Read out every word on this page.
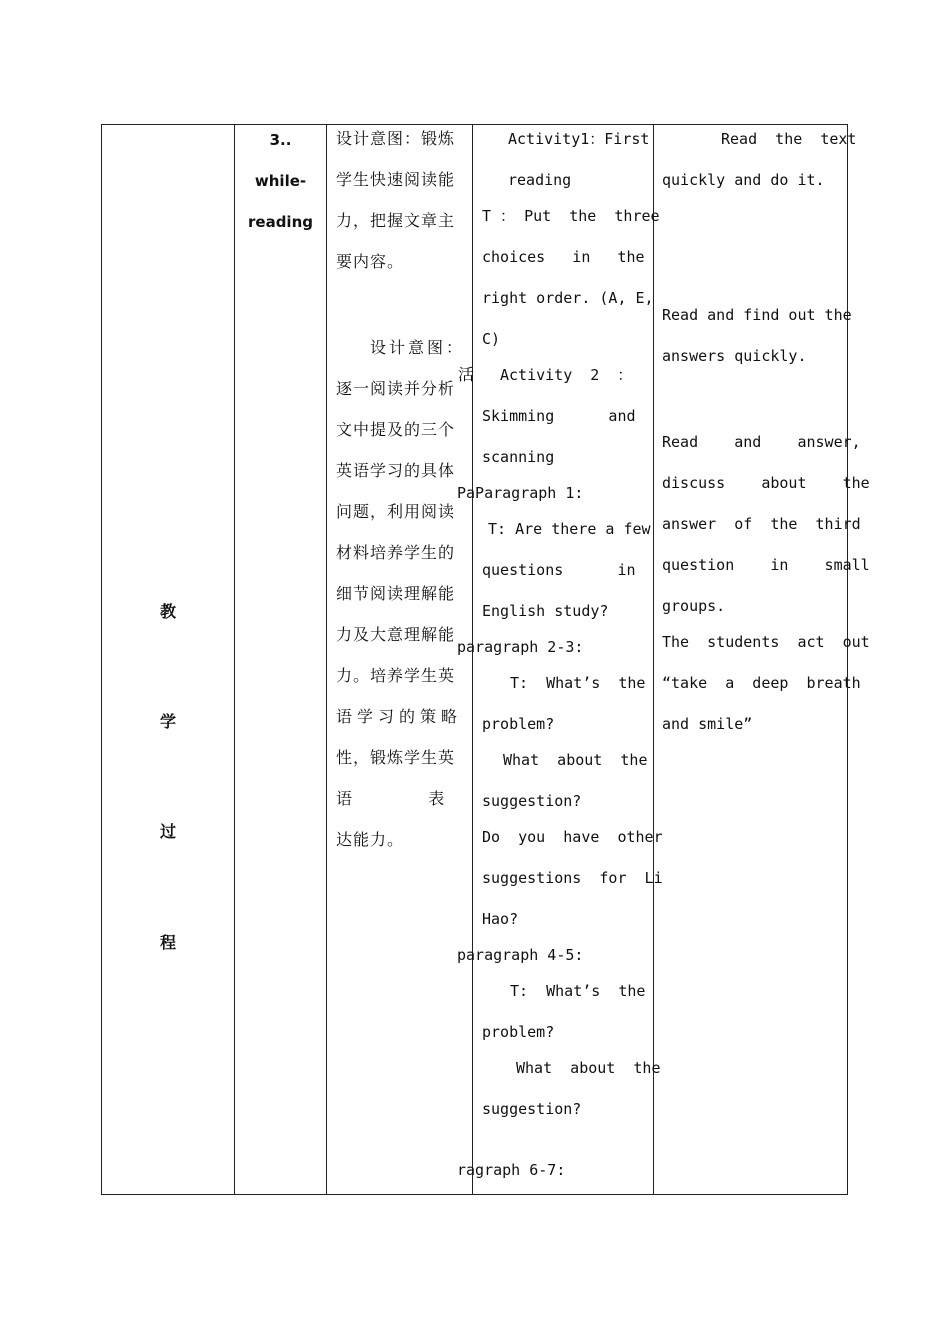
教
学
过
程
3..
while-
reading
设计意图：锻炼
学生快速阅读能
力，把握文章主
要内容。
设计意图：
逐一阅读并分析
文中提及的三个
英语学习的具体
问题，利用阅读
材料培养学生的
细节阅读理解能
力及大意理解能
力。培养学生英
语学习的策略
性，锻炼学生英
语               表
达能力。
Activity1：First
reading
T ： Put  the  three
choices   in   the
right order. (A, E,
C)
活 Activity  2  ：
Skimming      and
scanning
PaParagraph 1:
T: Are there a few
questions      in
English study?
paragraph 2-3:
T:  What’s  the
problem?
What  about  the
suggestion?
Do  you  have  other
suggestions  for  Li
Hao?
paragraph 4-5:
T:  What’s  the
problem?
What  about  the
suggestion?
ragraph 6-7:
Read  the  text
quickly and do it.
Read and find out the
answers quickly.
Read    and    answer,
discuss    about    the
answer  of  the  third
question    in    small
groups.
The  students  act  out
“take  a  deep  breath
and smile”
